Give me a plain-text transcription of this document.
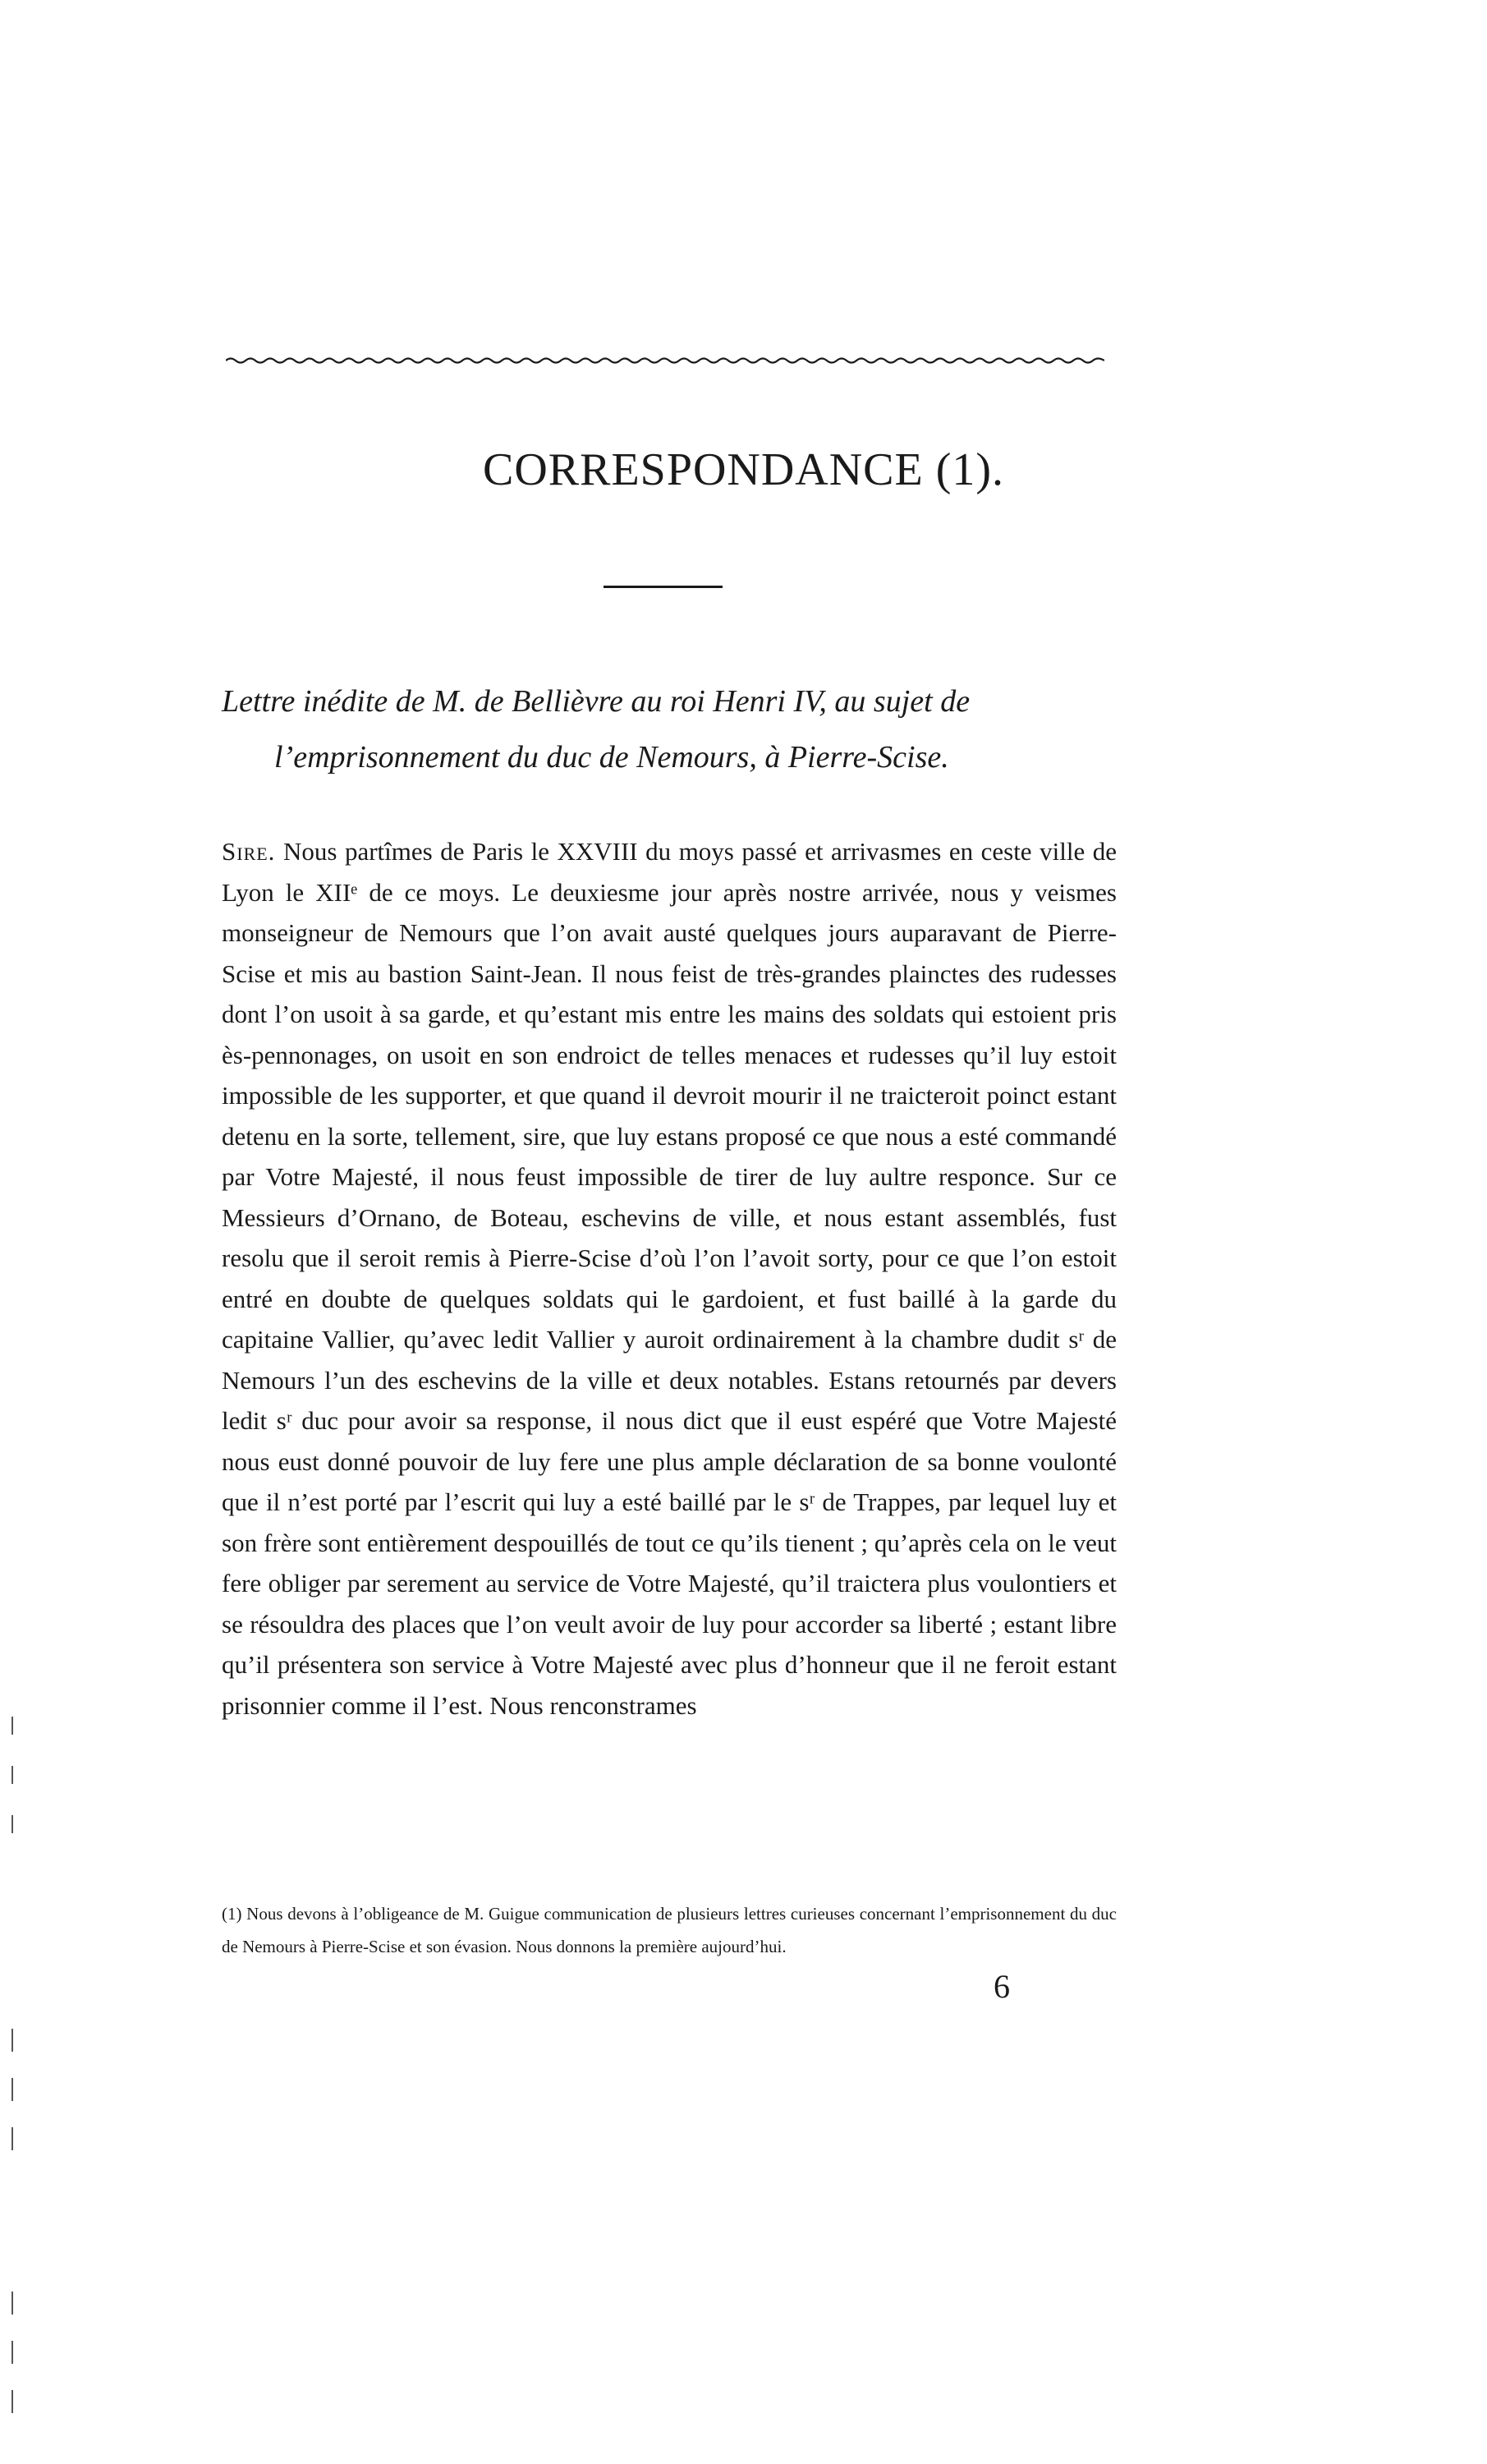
CORRESPONDANCE (1).

Lettre inédite de M. de Bellièvre au roi Henri IV, au sujet de
l’emprisonnement du duc de Nemours, à Pierre-Scise.

Sire. Nous partîmes de Paris le XXVIII du moys passé et arrivasmes en ceste ville de Lyon le XIIᵉ de ce moys. Le deuxiesme jour après nostre arrivée, nous y veismes monseigneur de Nemours que l’on avait austé quelques jours auparavant de Pierre-Scise et mis au bastion Saint-Jean. Il nous feist de très-grandes plainctes des rudesses dont l’on usoit à sa garde, et qu’estant mis entre les mains des soldats qui estoient pris ès-pennonages, on usoit en son endroict de telles menaces et rudesses qu’il luy estoit impossible de les supporter, et que quand il devroit mourir il ne traicteroit poinct estant detenu en la sorte, tellement, sire, que luy estans proposé ce que nous a esté commandé par Votre Majesté, il nous feust impossible de tirer de luy aultre responce. Sur ce Messieurs d’Ornano, de Boteau, eschevins de ville, et nous estant assemblés, fust resolu que il seroit remis à Pierre-Scise d’où l’on l’avoit sorty, pour ce que l’on estoit entré en doubte de quelques soldats qui le gardoient, et fust baillé à la garde du capitaine Vallier, qu’avec ledit Vallier y auroit ordinairement à la chambre dudit sʳ de Nemours l’un des eschevins de la ville et deux notables. Estans retournés par devers ledit sʳ duc pour avoir sa response, il nous dict que il eust espéré que Votre Majesté nous eust donné pouvoir de luy fere une plus ample déclaration de sa bonne voulonté que il n’est porté par l’escrit qui luy a esté baillé par le sʳ de Trappes, par lequel luy et son frère sont entièrement despouillés de tout ce qu’ils tienent ; qu’après cela on le veut fere obliger par serement au service de Votre Majesté, qu’il traictera plus voulontiers et se résouldra des places que l’on veult avoir de luy pour accorder sa liberté ; estant libre qu’il présentera son service à Votre Majesté avec plus d’honneur que il ne feroit estant prisonnier comme il l’est. Nous renconstrames

(1) Nous devons à l’obligeance de M. Guigue communication de plusieurs lettres curieuses concernant l’emprisonnement du duc de Nemours à Pierre-Scise et son évasion. Nous donnons la première aujourd’hui.

6
